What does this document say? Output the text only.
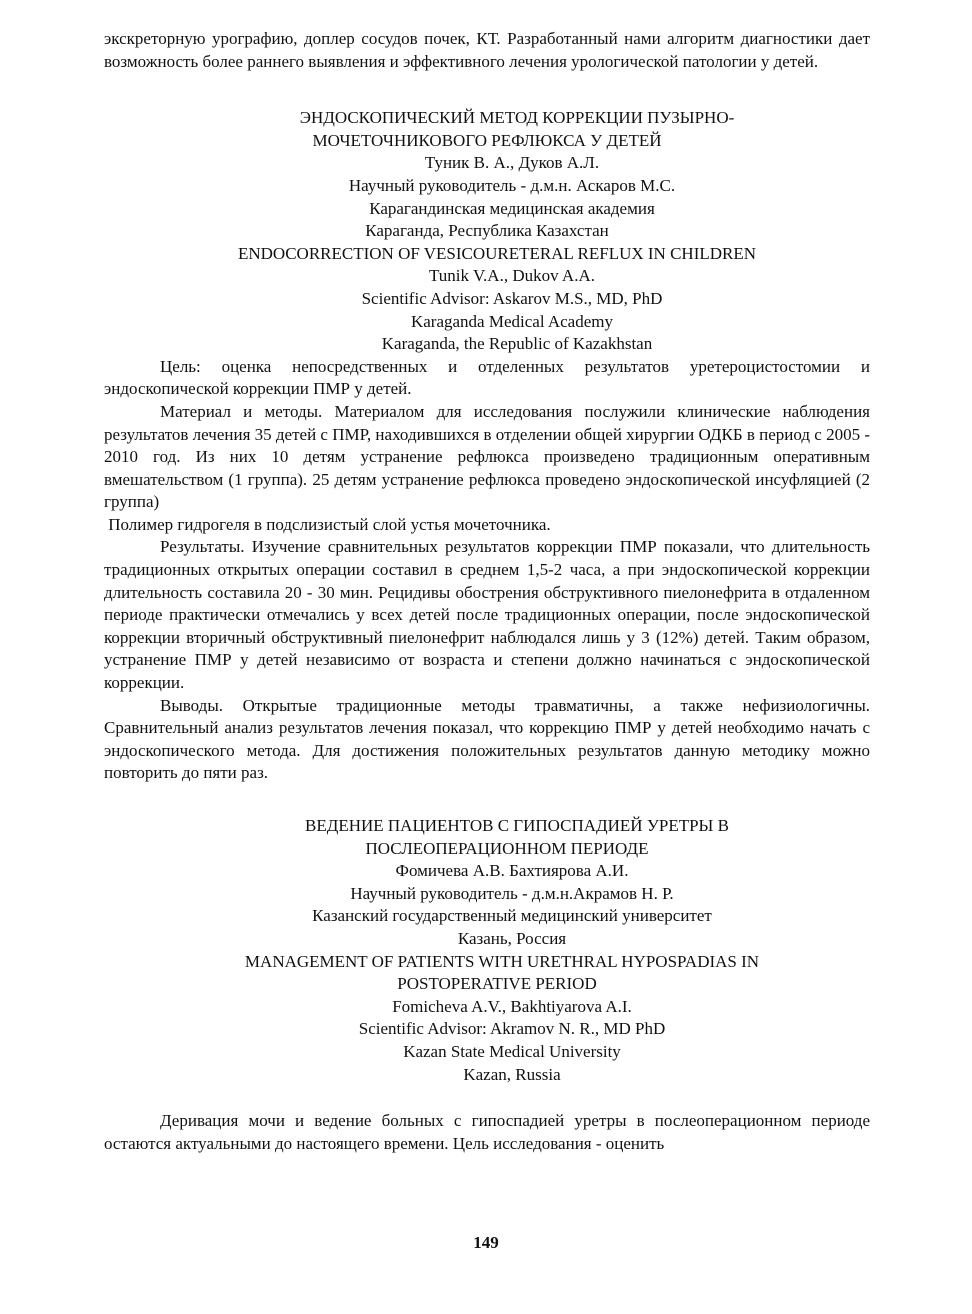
экскреторную урографию, доплер сосудов почек, КТ. Разработанный нами алгоритм диагностики дает возможность более раннего выявления и эффективного лечения урологической патологии у детей.

ЭНДОСКОПИЧЕСКИЙ МЕТОД КОРРЕКЦИИ ПУЗЫРНО-

МОЧЕТОЧНИКОВОГО РЕФЛЮКСА У ДЕТЕЙ

Туник В. А., Дуков А.Л.

Научный руководитель - д.м.н. Аскаров М.С.

Карагандинская медицинская академия

Караганда, Республика Казахстан

ENDOCORRECTION OF VESICOURETERAL REFLUX IN CHILDREN

Tunik V.A., Dukov A.A.

Scientific Advisor: Askarov M.S., MD, PhD

Karaganda Medical Academy

Karaganda, the Republic of Kazakhstan

Цель: оценка непосредственных и отделенных результатов уретероцистостомии и эндоскопической коррекции ПМР у детей.

Материал и методы. Материалом для исследования послужили клинические наблюдения результатов лечения 35 детей с ПМР, находившихся в отделении общей хирургии ОДКБ в период с 2005 - 2010 год. Из них 10 детям устранение рефлюкса произведено традиционным оперативным вмешательством (1 группа). 25 детям устранение рефлюкса проведено эндоскопической инсуфляцией (2 группа)

Полимер гидрогеля в подслизистый слой устья мочеточника.

Результаты. Изучение сравнительных результатов коррекции ПМР показали, что длительность традиционных открытых операции составил в среднем 1,5-2 часа, а при эндоскопической коррекции длительность составила 20 - 30 мин. Рецидивы обострения обструктивного пиелонефрита в отдаленном периоде практически отмечались у всех детей после традиционных операции, после эндоскопической коррекции вторичный обструктивный пиелонефрит наблюдался лишь у 3 (12%) детей. Таким образом, устранение ПМР у детей независимо от возраста и степени должно начинаться с эндоскопической коррекции.

Выводы. Открытые традиционные методы травматичны, а также нефизиологичны. Сравнительный анализ результатов лечения показал, что коррекцию ПМР у детей необходимо начать с эндоскопического метода. Для достижения положительных результатов данную методику можно повторить до пяти раз.

ВЕДЕНИЕ ПАЦИЕНТОВ С ГИПОСПАДИЕЙ УРЕТРЫ В

ПОСЛЕОПЕРАЦИОННОМ ПЕРИОДЕ

Фомичева А.В. Бахтиярова А.И.

Научный руководитель - д.м.н.Акрамов Н. Р.

Казанский государственный медицинский университет

Казань, Россия

MANAGEMENT OF PATIENTS WITH URETHRAL HYPOSPADIAS IN

POSTOPERATIVE PERIOD

Fomicheva A.V., Bakhtiyarova A.I.

Scientific Advisor: Akramov N. R., MD PhD

Kazan State Medical University

Kazan, Russia

Деривация мочи и ведение больных с гипоспадией уретры в послеоперационном периоде остаются актуальными до настоящего времени. Цель исследования - оценить

149
